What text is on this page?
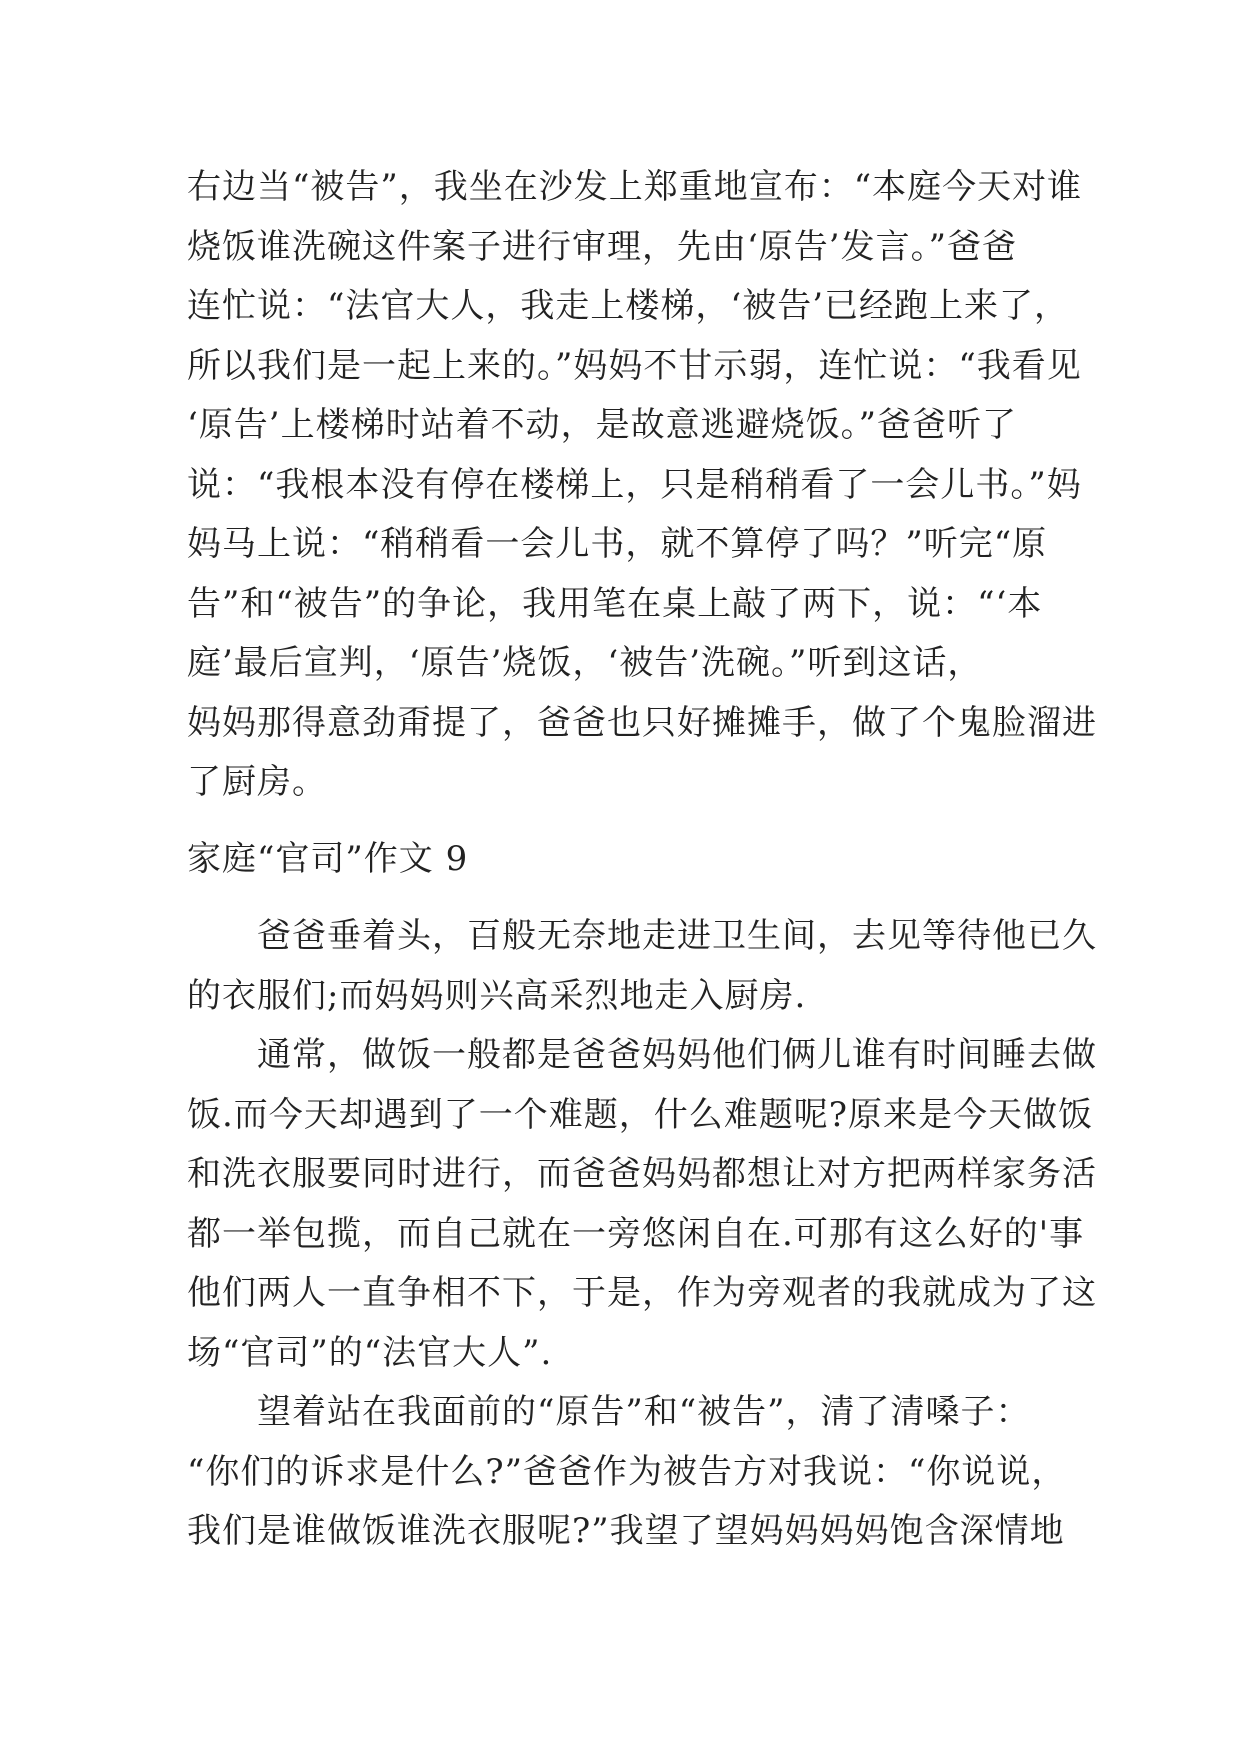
右边当“被告”，我坐在沙发上郑重地宣布：“本庭今天对谁
烧饭谁洗碗这件案子进行审理，先由‘原告’发言。”爸爸
连忙说：“法官大人，我走上楼梯，‘被告’已经跑上来了，
所以我们是一起上来的。”妈妈不甘示弱，连忙说：“我看见
‘原告’上楼梯时站着不动，是故意逃避烧饭。”爸爸听了
说：“我根本没有停在楼梯上，只是稍稍看了一会儿书。”妈
妈马上说：“稍稍看一会儿书，就不算停了吗？”听完“原
告”和“被告”的争论，我用笔在桌上敲了两下，说：“‘本
庭’最后宣判，‘原告’烧饭，‘被告’洗碗。”听到这话，
妈妈那得意劲甭提了，爸爸也只好摊摊手，做了个鬼脸溜进
了厨房。
家庭“官司”作文 9
爸爸垂着头，百般无奈地走进卫生间，去见等待他已久
的衣服们;而妈妈则兴高采烈地走入厨房.
通常，做饭一般都是爸爸妈妈他们俩儿谁有时间睡去做
饭.而今天却遇到了一个难题，什么难题呢?原来是今天做饭
和洗衣服要同时进行，而爸爸妈妈都想让对方把两样家务活
都一举包揽，而自己就在一旁悠闲自在.可那有这么好的'事
他们两人一直争相不下，于是，作为旁观者的我就成为了这
场“官司”的“法官大人”.
望着站在我面前的“原告”和“被告”，清了清嗓子：
“你们的诉求是什么?”爸爸作为被告方对我说：“你说说，
我们是谁做饭谁洗衣服呢?”我望了望妈妈妈妈饱含深情地
